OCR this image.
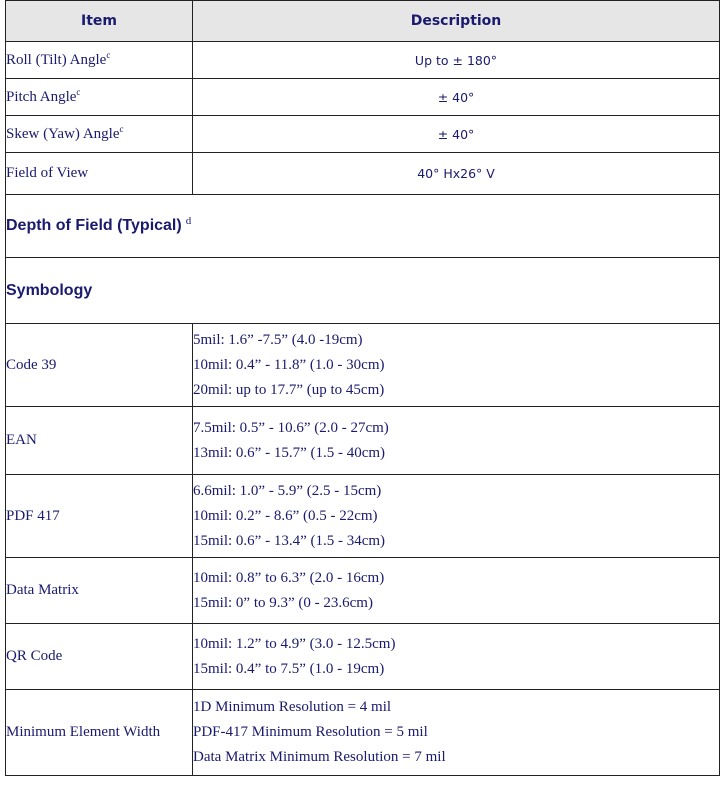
Item	Description
Roll (Tilt) Angle$^c$	Up to ± 180°
Pitch Angle$^c$	± 40°
Skew (Yaw) Angle$^c$	± 40°
Field of View	40° Hx26° V
Depth of Field (Typical) $^d$
Symbology	
Code 39	5mil: 1.6” -7.5” (4.0 -19cm)
10mil: 0.4” - 11.8” (1.0 - 30cm)
20mil: up to 17.7” (up to 45cm)

EAN	7.5mil: 0.5” - 10.6” (2.0 - 27cm)
13mil: 0.6” - 15.7” (1.5 - 40cm)

PDF 417	6.6mil: 1.0” - 5.9” (2.5 - 15cm)
10mil: 0.2” - 8.6” (0.5 - 22cm)
15mil: 0.6” - 13.4” (1.5 - 34cm)

Data Matrix	10mil: 0.8” to 6.3” (2.0 - 16cm)
15mil: 0” to 9.3” (0 - 23.6cm)

QR Code	10mil: 1.2” to 4.9” (3.0 - 12.5cm)
15mil: 0.4” to 7.5” (1.0 - 19cm)

Minimum Element Width	1D Minimum Resolution = 4 mil
PDF-417 Minimum Resolution = 5 mil
Data Matrix Minimum Resolution = 7 mil
